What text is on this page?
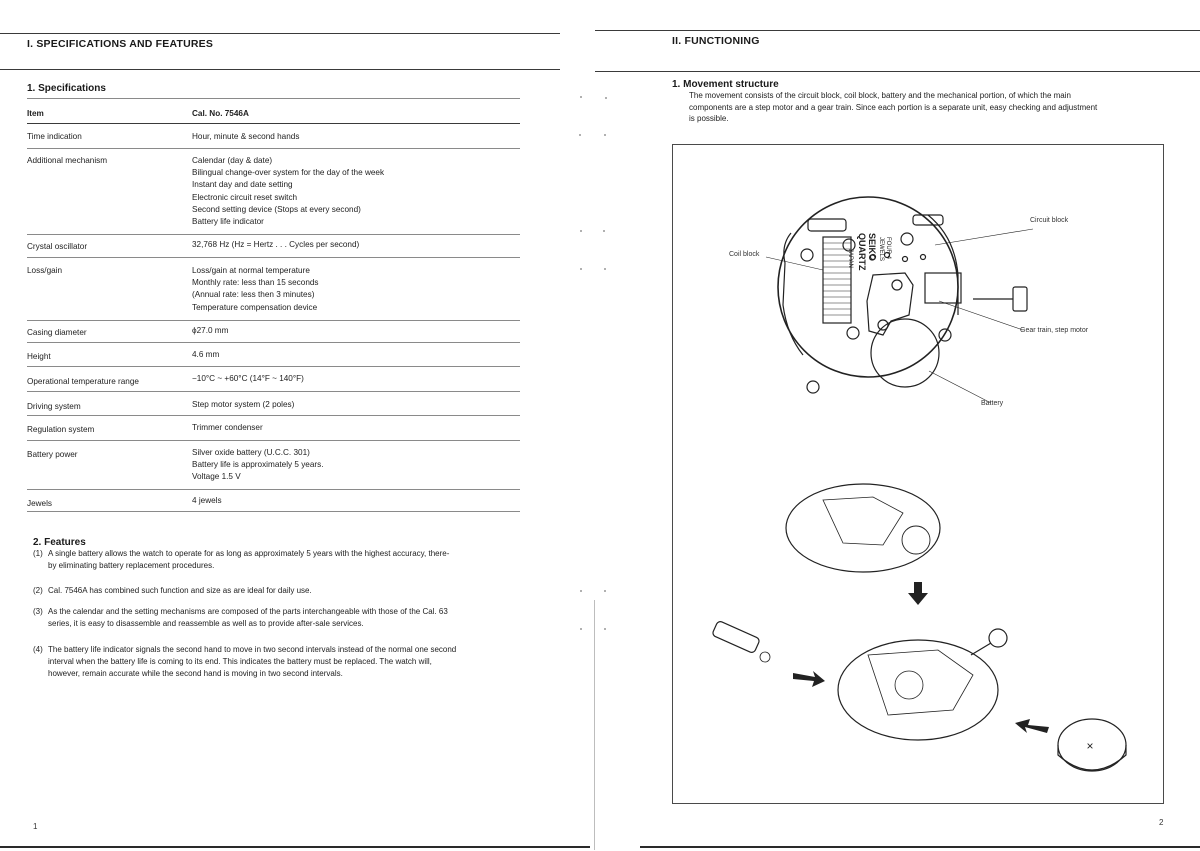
I. SPECIFICATIONS AND FEATURES
1. Specifications
Item	Cal. No. 7546A
Time indication	Hour, minute & second hands
Additional mechanism	Calendar (day & date)
Bilingual change-over system for the day of the week
Instant day and date setting
Electronic circuit reset switch
Second setting device (Stops at every second)
Battery life indicator
Crystal oscillator	32,768 Hz (Hz = Hertz . . . Cycles per second)
Loss/gain	Loss/gain at normal temperature
Monthly rate: less than 15 seconds
(Annual rate: less then 3 minutes)
Temperature compensation device
Casing diameter	ϕ27.0 mm
Height	4.6 mm
Operational temperature range	−10°C ~ +60°C (14°F ~ 140°F)
Driving system	Step motor system (2 poles)
Regulation system	Trimmer condenser
Battery power	Silver oxide battery (U.C.C. 301)
Battery life is approximately 5 years.
Voltage 1.5 V
Jewels	4 jewels
2. Features
(1) A single battery allows the watch to operate for as long as approximately 5 years with the highest accuracy, there-
by eliminating battery replacement procedures.
(2) Cal. 7546A has combined such function and size as are ideal for daily use.
(3) As the calendar and the setting mechanisms are composed of the parts interchangeable with those of the Cal. 63
series, it is easy to disassemble and reassemble as well as to provide after-sale services.
(4) The battery life indicator signals the second hand to move in two second intervals instead of the normal one second
interval when the battery life is coming to its end. This indicates the battery must be replaced. The watch will,
however, remain accurate while the second hand is moving in two second intervals.
1
II. FUNCTIONING
1. Movement structure
The movement consists of the circuit block, coil block, battery and the mechanical portion, of which the main
components are a step motor and a gear train. Since each portion is a separate unit, easy checking and adjustment
is possible.
SEIKO
QUARTZ	FOUR 4
JEWELS
JAPAN
×
Circuit block
Coil block
Gear train, step motor
Battery
2
